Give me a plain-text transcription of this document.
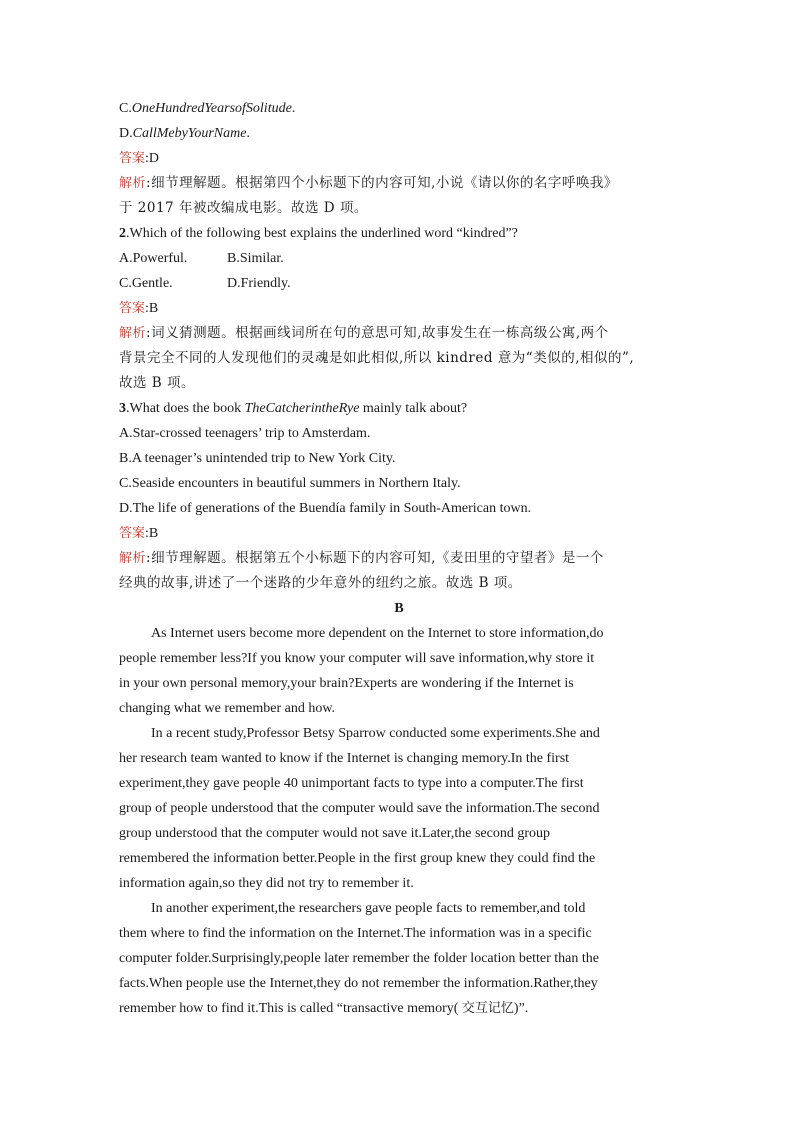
C.OneHundredYearsofSolitude.
D.CallMebyYourName.
答案:D
解析:细节理解题。根据第四个小标题下的内容可知,小说《请以你的名字呼唤我》
于 2017 年被改编成电影。故选 D 项。
2.Which of the following best explains the underlined word “kindred”?
A.Powerful.	B.Similar.
C.Gentle.	D.Friendly.
答案:B
解析:词义猜测题。根据画线词所在句的意思可知,故事发生在一栋高级公寓,两个
背景完全不同的人发现他们的灵魂是如此相似,所以 kindred 意为“类似的,相似的”,
故选 B 项。
3.What does the book TheCatcherintheRye mainly talk about?
A.Star-crossed teenagers’ trip to Amsterdam.
B.A teenager’s unintended trip to New York City.
C.Seaside encounters in beautiful summers in Northern Italy.
D.The life of generations of the Buendía family in South-American town.
答案:B
解析:细节理解题。根据第五个小标题下的内容可知,《麦田里的守望者》是一个
经典的故事,讲述了一个迷路的少年意外的纽约之旅。故选 B 项。
B
As Internet users become more dependent on the Internet to store information,do
people remember less?If you know your computer will save information,why store it
in your own personal memory,your brain?Experts are wondering if the Internet is
changing what we remember and how.
In a recent study,Professor Betsy Sparrow conducted some experiments.She and
her research team wanted to know if the Internet is changing memory.In the first
experiment,they gave people 40 unimportant facts to type into a computer.The first
group of people understood that the computer would save the information.The second
group understood that the computer would not save it.Later,the second group
remembered the information better.People in the first group knew they could find the
information again,so they did not try to remember it.
In another experiment,the researchers gave people facts to remember,and told
them where to find the information on the Internet.The information was in a specific
computer folder.Surprisingly,people later remember the folder location better than the
facts.When people use the Internet,they do not remember the information.Rather,they
remember how to find it.This is called “transactive memory( 交互记忆)”.
